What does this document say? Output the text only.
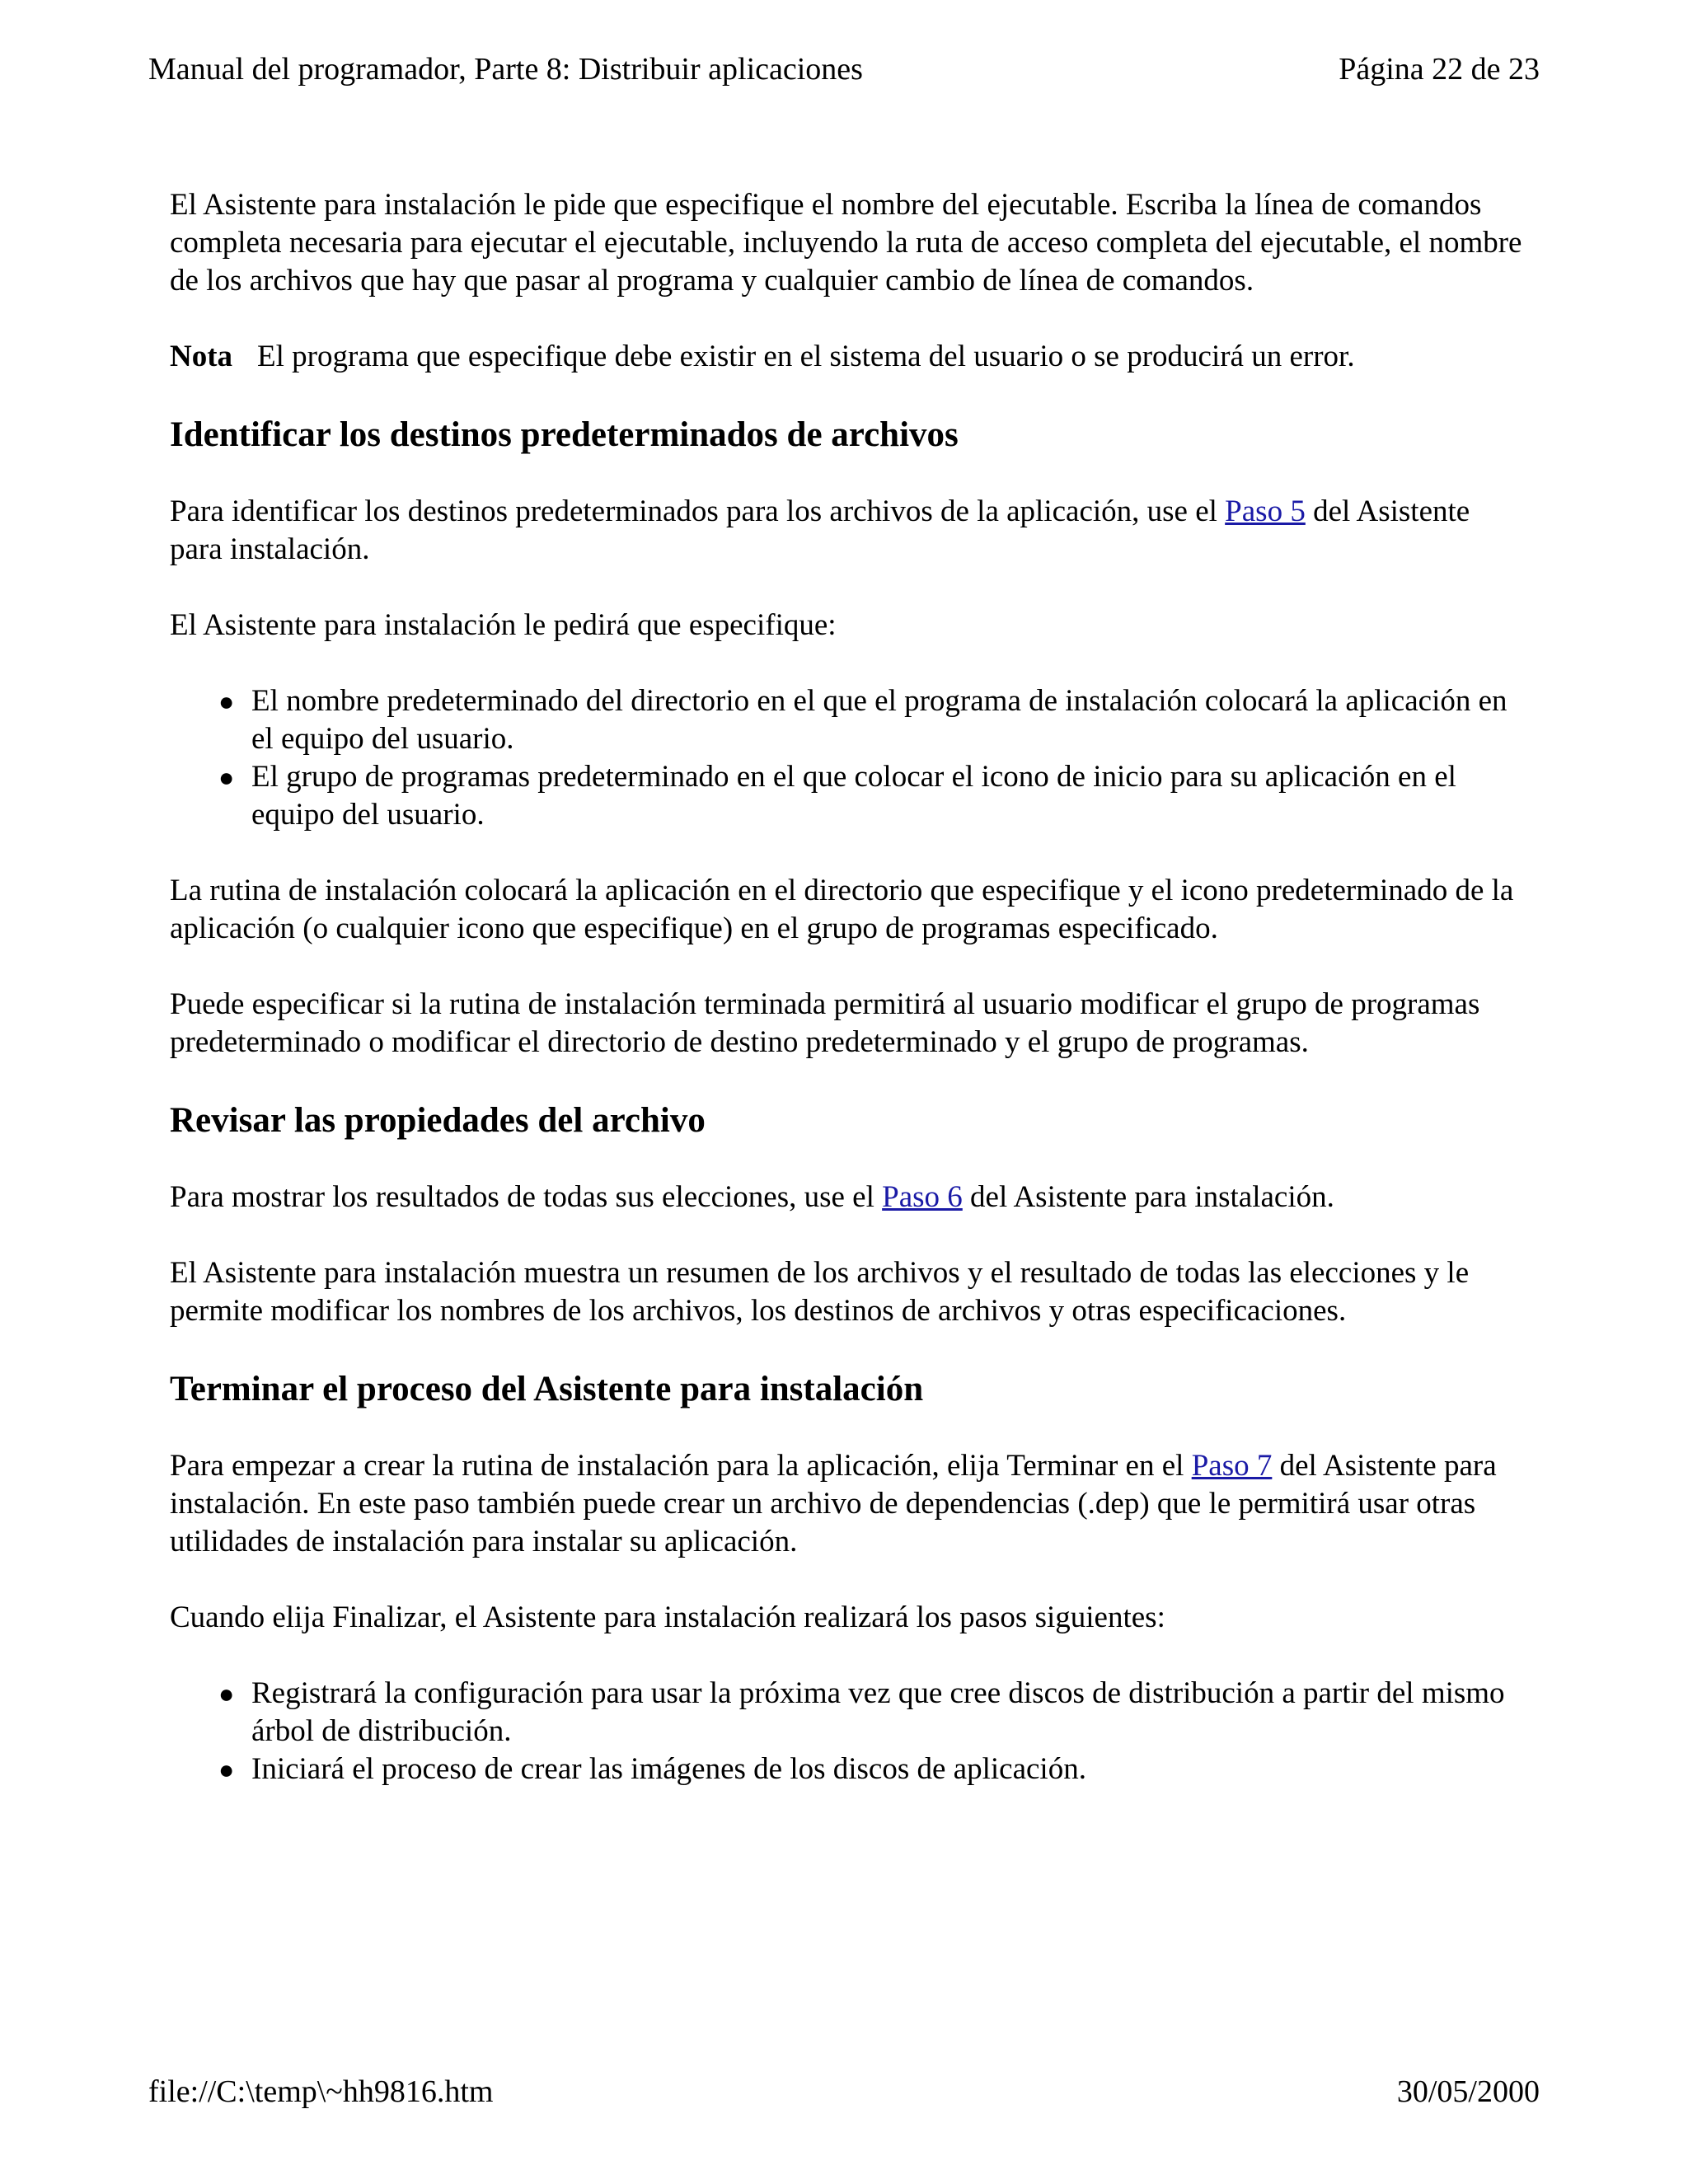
Manual del programador, Parte 8: Distribuir aplicaciones	Página 22 de 23

El Asistente para instalación le pide que especifique el nombre del ejecutable. Escriba la línea de comandos completa necesaria para ejecutar el ejecutable, incluyendo la ruta de acceso completa del ejecutable, el nombre de los archivos que hay que pasar al programa y cualquier cambio de línea de comandos.

Nota El programa que especifique debe existir en el sistema del usuario o se producirá un error.

Identificar los destinos predeterminados de archivos

Para identificar los destinos predeterminados para los archivos de la aplicación, use el Paso 5 del Asistente para instalación.

El Asistente para instalación le pedirá que especifique:

● El nombre predeterminado del directorio en el que el programa de instalación colocará la aplicación en el equipo del usuario.
● El grupo de programas predeterminado en el que colocar el icono de inicio para su aplicación en el equipo del usuario.

La rutina de instalación colocará la aplicación en el directorio que especifique y el icono predeterminado de la aplicación (o cualquier icono que especifique) en el grupo de programas especificado.

Puede especificar si la rutina de instalación terminada permitirá al usuario modificar el grupo de programas predeterminado o modificar el directorio de destino predeterminado y el grupo de programas.

Revisar las propiedades del archivo

Para mostrar los resultados de todas sus elecciones, use el Paso 6 del Asistente para instalación.

El Asistente para instalación muestra un resumen de los archivos y el resultado de todas las elecciones y le permite modificar los nombres de los archivos, los destinos de archivos y otras especificaciones.

Terminar el proceso del Asistente para instalación

Para empezar a crear la rutina de instalación para la aplicación, elija Terminar en el Paso 7 del Asistente para instalación. En este paso también puede crear un archivo de dependencias (.dep) que le permitirá usar otras utilidades de instalación para instalar su aplicación.

Cuando elija Finalizar, el Asistente para instalación realizará los pasos siguientes:

● Registrará la configuración para usar la próxima vez que cree discos de distribución a partir del mismo árbol de distribución.
● Iniciará el proceso de crear las imágenes de los discos de aplicación.
file://C:\temp\~hh9816.htm	30/05/2000
